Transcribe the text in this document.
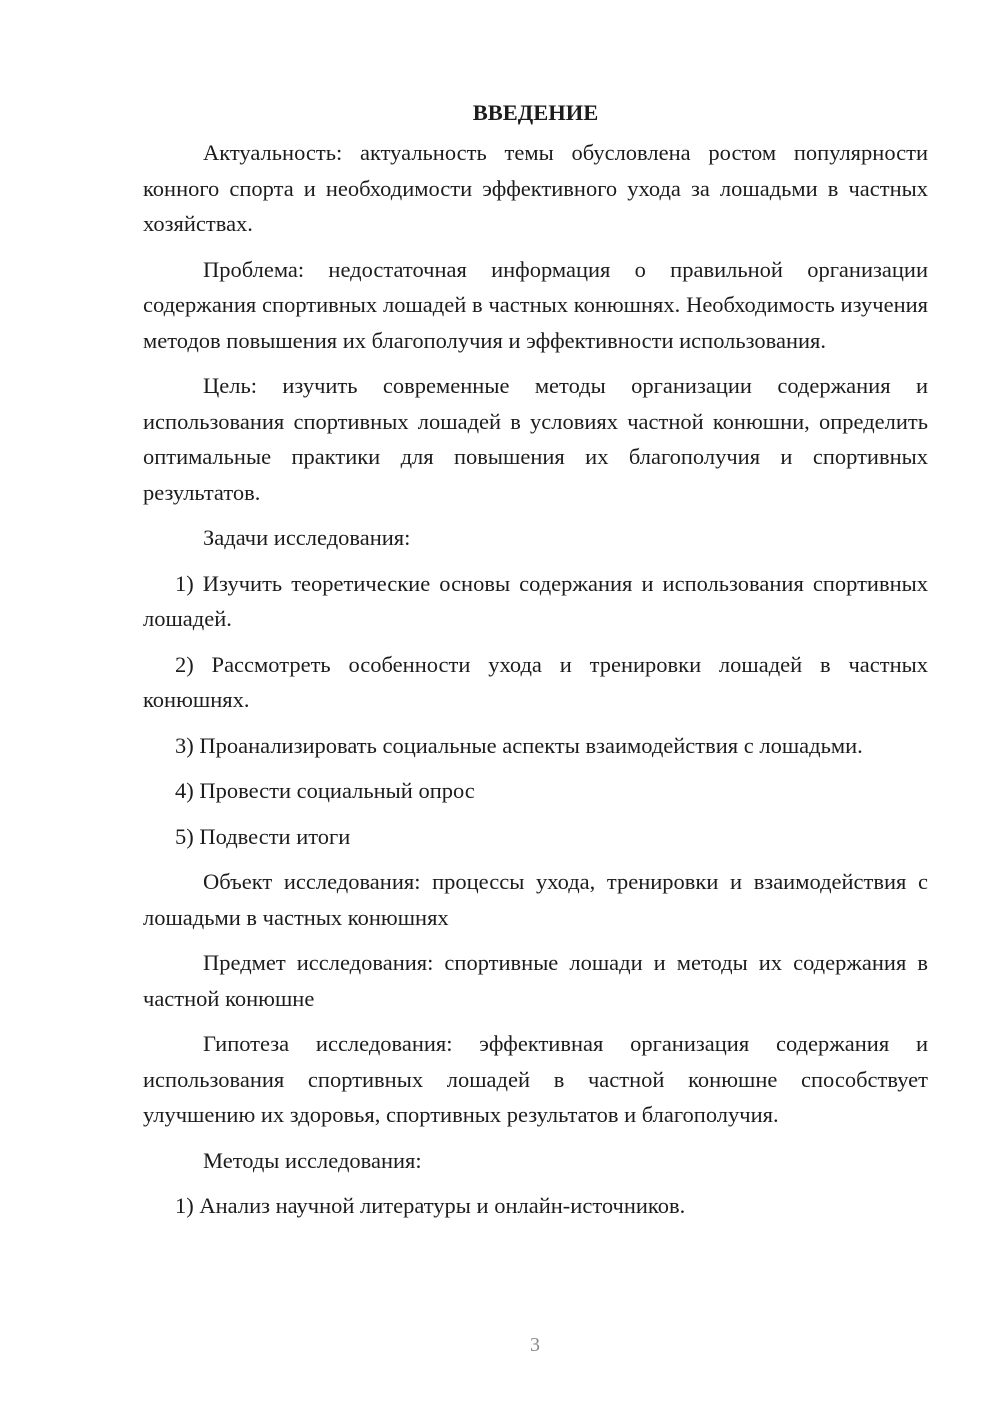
ВВЕДЕНИЕ

Актуальность: актуальность темы обусловлена ростом популярности конного спорта и необходимости эффективного ухода за лошадьми в частных хозяйствах.

Проблема: недостаточная информация о правильной организации содержания спортивных лошадей в частных конюшнях. Необходимость изучения методов повышения их благополучия и эффективности использования.

Цель: изучить современные методы организации содержания и использования спортивных лошадей в условиях частной конюшни, определить оптимальные практики для повышения их благополучия и спортивных результатов.

Задачи исследования:

1) Изучить теоретические основы содержания и использования спортивных лошадей.

2) Рассмотреть особенности ухода и тренировки лошадей в частных конюшнях.

3) Проанализировать социальные аспекты взаимодействия с лошадьми.

4) Провести социальный опрос

5) Подвести итоги

Объект исследования: процессы ухода, тренировки и взаимодействия с лошадьми в частных конюшнях

Предмет исследования: спортивные лошади и методы их содержания в частной конюшне

Гипотеза исследования: эффективная организация содержания и использования спортивных лошадей в частной конюшне способствует улучшению их здоровья, спортивных результатов и благополучия.

Методы исследования:

1) Анализ научной литературы и онлайн-источников.

3
